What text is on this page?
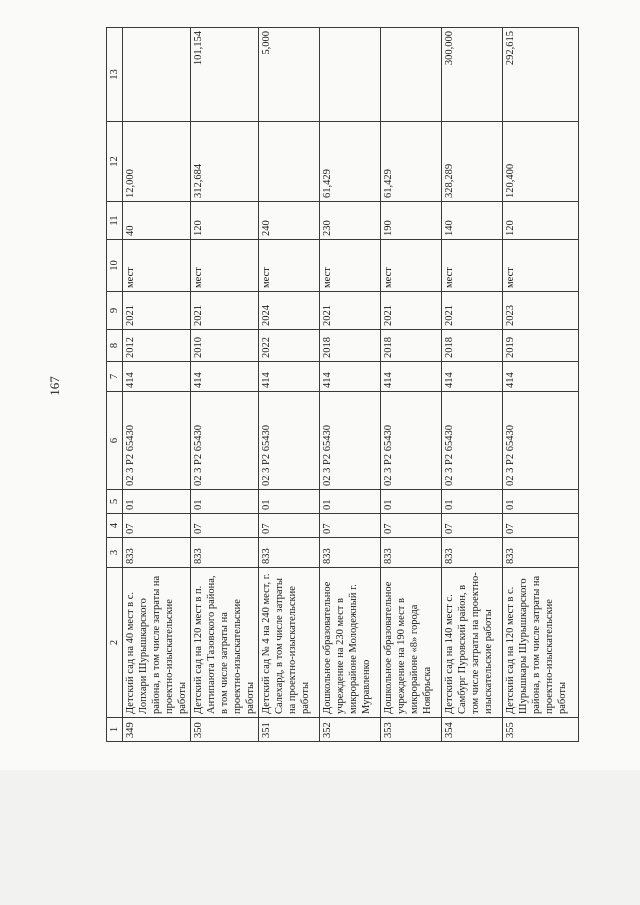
167
1	2	3	4	5	6	7	8	9	10	11	12	13
349	Детский сад на 40 мест в с. Лопхари Шурышкарского района, в том числе затраты на проектно-изыскательские работы	833	07	01	02 3 P2 65430	414	2012	2021	мест	40	12,000	
350	Детский сад на 120 мест в п. Антипаюта Тазовского района, в том числе затраты на проектно-изыскательские работы	833	07	01	02 3 P2 65430	414	2010	2021	мест	120	312,684	101,154
351	Детский сад № 4 на 240 мест, г. Салехард, в том числе затраты на проектно-изыскательские работы	833	07	01	02 3 P2 65430	414	2022	2024	мест	240		5,000
352	Дошкольное образовательное учреждение на 230 мест в микрорайоне Молодежный г. Муравленко	833	07	01	02 3 P2 65430	414	2018	2021	мест	230	61,429	
353	Дошкольное образовательное учреждение на 190 мест в микрорайоне «8» города Ноябрьска	833	07	01	02 3 P2 65430	414	2018	2021	мест	190	61,429	
354	Детский сад на 140 мест с. Самбург Пуровский район, в том числе затраты на проектно-изыскательские работы	833	07	01	02 3 P2 65430	414	2018	2021	мест	140	328,289	300,000
355	Детский сад на 120 мест в с. Шурышкары Шурышкарского района, в том числе затраты на проектно-изыскательские работы	833	07	01	02 3 P2 65430	414	2019	2023	мест	120	120,400	292,615
